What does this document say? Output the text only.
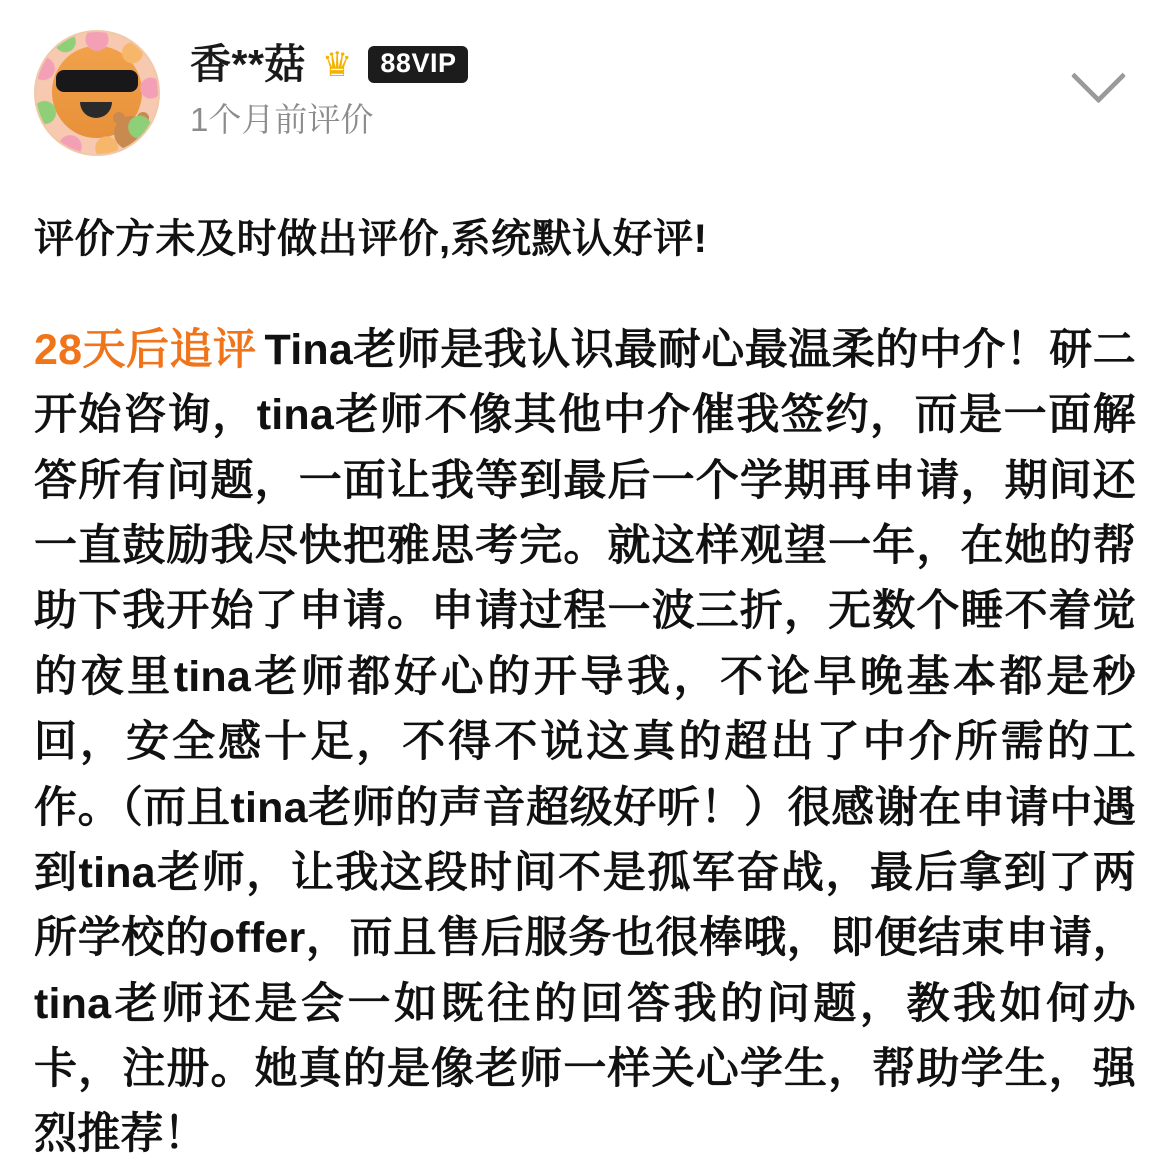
香**菇 ♛	88VIP
1个月前评价
评价方未及时做出评价,系统默认好评!
28天后追评 Tina老师是我认识最耐心最温柔的中介！研二开始咨询，tina老师不像其他中介催我签约，而是一面解答所有问题，一面让我等到最后一个学期再申请，期间还一直鼓励我尽快把雅思考完。就这样观望一年，在她的帮助下我开始了申请。申请过程一波三折，无数个睡不着觉的夜里tina老师都好心的开导我，不论早晚基本都是秒回，安全感十足，不得不说这真的超出了中介所需的工作。（而且tina老师的声音超级好听！）很感谢在申请中遇到tina老师，让我这段时间不是孤军奋战，最后拿到了两所学校的offer，而且售后服务也很棒哦，即便结束申请，tina老师还是会一如既往的回答我的问题，教我如何办卡，注册。她真的是像老师一样关心学生，帮助学生，强烈推荐！
